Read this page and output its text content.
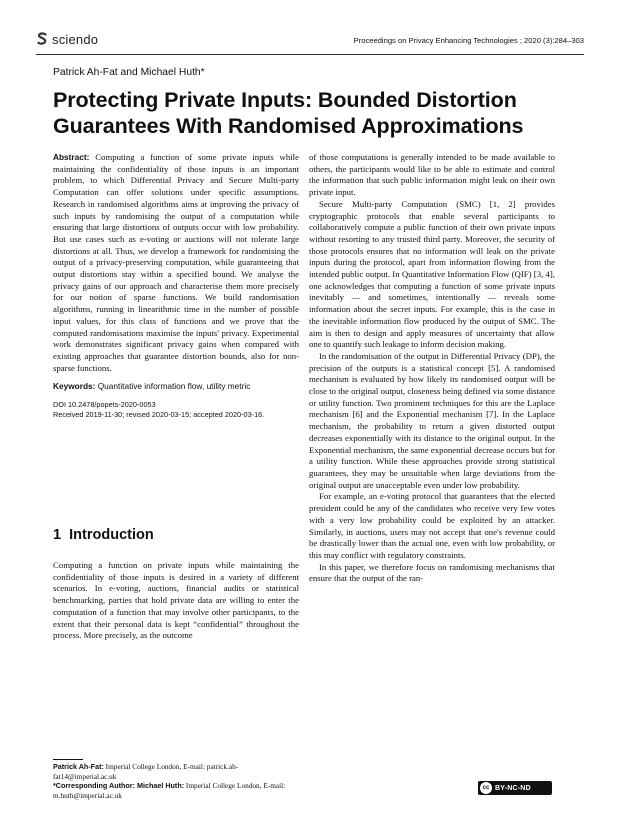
sciendo	Proceedings on Privacy Enhancing Technologies ; 2020 (3):284–303
Patrick Ah-Fat and Michael Huth*
Protecting Private Inputs: Bounded Distortion Guarantees With Randomised Approximations

Abstract: Computing a function of some private inputs while maintaining the confidentiality of those inputs is an important problem, to which Differential Privacy and Secure Multi-party Computation can offer solutions under specific assumptions. Research in randomised algorithms aims at improving the privacy of such inputs by randomising the output of a computation while ensuring that large distortions of outputs occur with low probability. But use cases such as e-voting or auctions will not tolerate large distortions at all. Thus, we develop a framework for randomising the output of a privacy-preserving computation, while guaranteeing that output distortions stay within a specified bound. We analyse the privacy gains of our approach and characterise them more precisely for our notion of sparse functions. We build randomisation algorithms, running in linearithmic time in the number of possible input values, for this class of functions and we prove that the computed randomisations maximise the inputs' privacy. Experimental work demonstrates significant privacy gains when compared with existing approaches that guarantee distortion bounds, also for non-sparse functions.

Keywords: Quantitative information flow, utility metric

DOI 10.2478/popets-2020-0053

Received 2019-11-30; revised 2020-03-15; accepted 2020-03-16.

1 Introduction

Computing a function on private inputs while maintaining the confidentiality of those inputs is desired in a variety of different scenarios. In e-voting, auctions, financial audits or statistical benchmarking, parties that hold private data are willing to enter the computation of a function that may involve other participants, to the extent that their personal data is kept “confidential” throughout the process. More precisely, as the outcome

of those computations is generally intended to be made available to others, the participants would like to be able to estimate and control the information that such public information might leak on their own private input.

Secure Multi-party Computation (SMC) [1, 2] provides cryptographic protocols that enable several participants to collaboratively compute a public function of their own private inputs without resorting to any trusted third party. Moreover, the security of those protocols ensures that no information will leak on the private inputs during the protocol, apart from information flowing from the intended public output. In Quantitative Information Flow (QIF) [3, 4], one acknowledges that computing a function of some private inputs inevitably — and sometimes, intentionally — reveals some information about the secret inputs. For example, this is the case in the inevitable information flow produced by the output of SMC. The aim is then to design and apply measures of uncertainty that allow one to quantify such leakage to inform decision making.

In the randomisation of the output in Differential Privacy (DP), the precision of the outputs is a statistical concept [5]. A randomised mechanism is evaluated by how likely its randomised output will be close to the original output, closeness being defined via some distance or utility function. Two prominent techniques for this are the Laplace mechanism [6] and the Exponential mechanism [7]. In the Laplace mechanism, the probability to return a given distorted output decreases exponentially with its distance to the original output. In the Exponential mechanism, the same exponential decrease occurs but for a utility function. While these approaches provide strong statistical guarantees, they may be unsuitable when large deviations from the original output are unacceptable even under low probability.

For example, an e-voting protocol that guarantees that the elected president could be any of the candidates who receive very few votes with a very low probability could be exploited by an attacker. Similarly, in auctions, users may not accept that one's revenue could be drastically lower than the actual one, even with low probability, or this may conflict with regulatory constraints.

In this paper, we therefore focus on randomising mechanisms that ensure that the output of the ran-

Patrick Ah-Fat: Imperial College London, E-mail: patrick.ah-fat14@imperial.ac.uk

*Corresponding Author: Michael Huth: Imperial College London, E-mail: m.huth@imperial.ac.uk

cc BY-NC-ND
